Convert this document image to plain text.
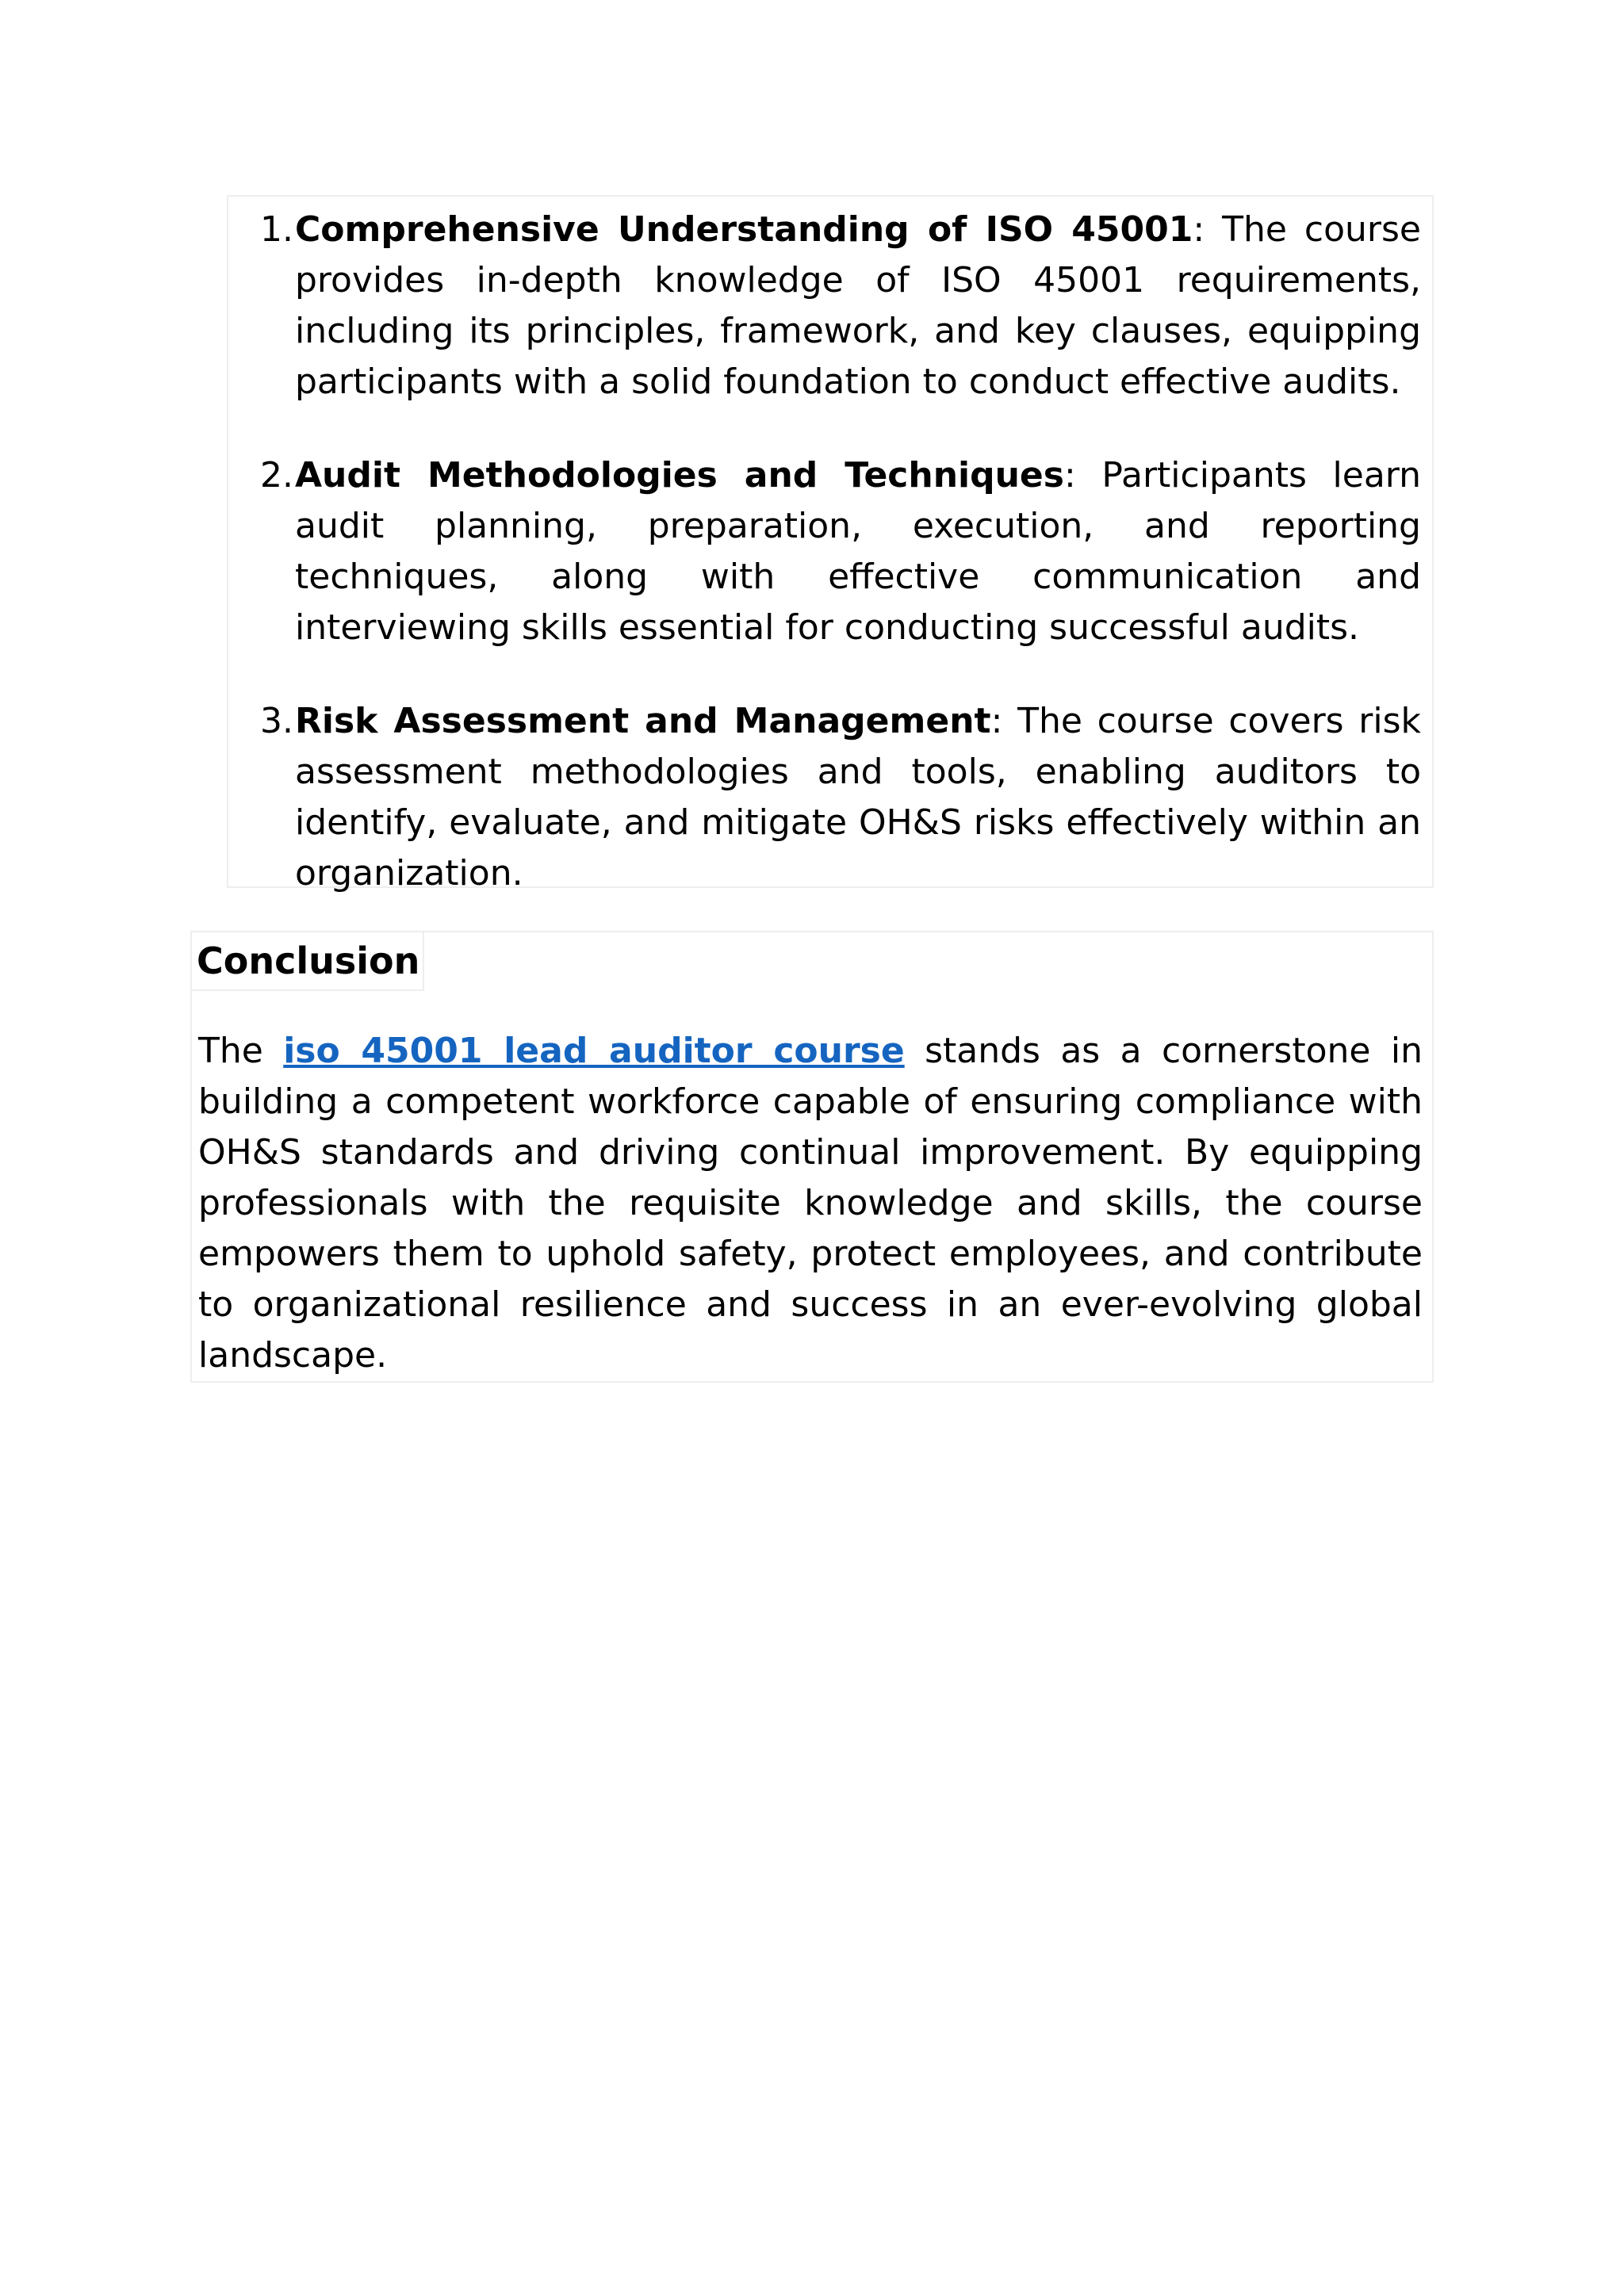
1. Comprehensive Understanding of ISO 45001: The course provides in-depth knowledge of ISO 45001 requirements, including its principles, framework, and key clauses, equipping participants with a solid foundation to conduct effective audits.
2. Audit Methodologies and Techniques: Participants learn audit planning, preparation, execution, and reporting techniques, along with effective communication and interviewing skills essential for conducting successful audits.
3. Risk Assessment and Management: The course covers risk assessment methodologies and tools, enabling auditors to identify, evaluate, and mitigate OH&S risks effectively within an organization.
Conclusion
The iso 45001 lead auditor course stands as a cornerstone in building a competent workforce capable of ensuring compliance with OH&S standards and driving continual improvement. By equipping professionals with the requisite knowledge and skills, the course empowers them to uphold safety, protect employees, and contribute to organizational resilience and success in an ever-evolving global landscape.
